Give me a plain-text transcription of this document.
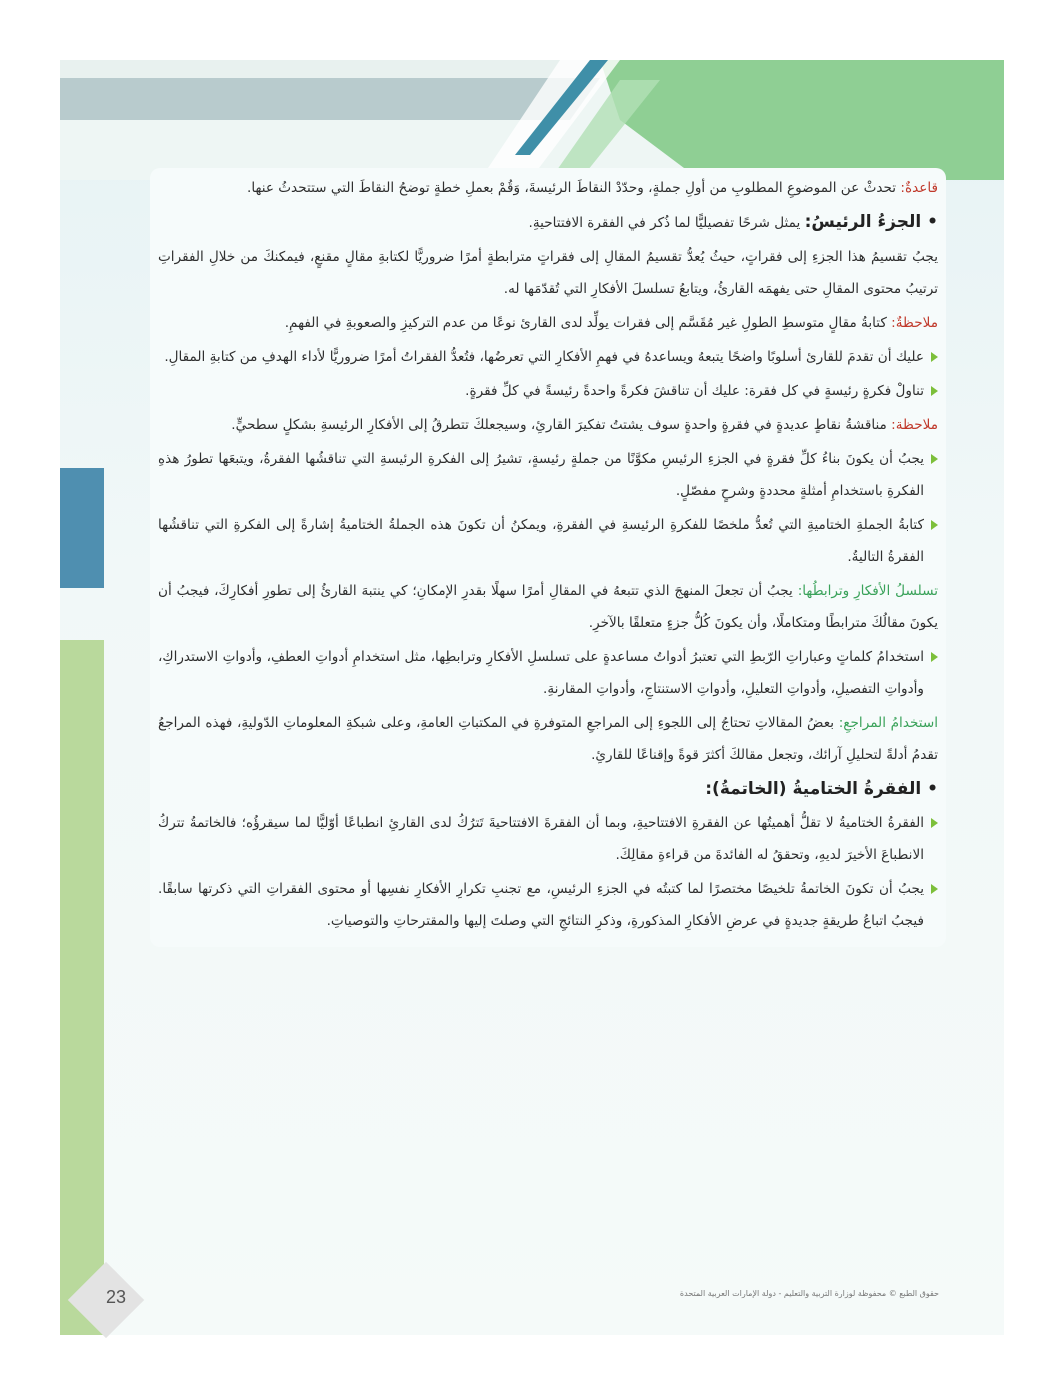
قاعدةٌ: تحدثْ عن الموضوعِ المطلوبِ من أولِ جملةٍ، وحدّدْ النقاطَ الرئيسةَ، وَقُمْ بعملِ خطةٍ توضحُ النقاطَ التي ستتحدثُ عنها.

• الجزءُ الرئيسُ: يمثل شرحًا تفصيليًّا لما ذُكر في الفقرة الافتتاحيةِ.

يجبُ تقسيمُ هذا الجزءِ إلى فقراتٍ، حيثُ يُعدُّ تقسيمُ المقالِ إلى فقراتٍ مترابطةٍ أمرًا ضروريًّا لكتابةِ مقالٍ مقنعٍ، فيمكنكَ من خلالِ الفقراتِ ترتيبُ محتوى المقالِ حتى يفهمَه القارئُ، ويتابعُ تسلسلَ الأفكارِ التي تُقدّمَها له.

ملاحظةٌ: كتابةُ مقالٍ متوسطِ الطولِ غير مُقَسَّم إلى فقرات يولِّد لدى القارئ نوعًا من عدم التركيزِ والصعوبةِ في الفهمِ.

عليك أن تقدمَ للقارئ أسلوبًا واضحًا يتبعهُ ويساعدهُ في فهمِ الأفكارِ التي تعرضُها، فتُعدُّ الفقراتُ أمرًا ضروريًّا لأداء الهدفِ من كتابةِ المقالِ.

تناولْ فكرةٍ رئيسةٍ في كل فقرة: عليك أن تناقشَ فكرةً واحدةً رئيسةً في كلِّ فقرةٍ.

ملاحظة: مناقشةُ نقاطٍ عديدةٍ في فقرةٍ واحدةٍ سوف يشتتُ تفكيرَ القارئِ، وسيجعلكَ تتطرقُ إلى الأفكارِ الرئيسةِ بشكلٍ سطحيٍّ.

يجبُ أن يكونَ بناءُ كلِّ فقرةٍ في الجزءِ الرئيسِ مكوَّنًا من جملةٍ رئيسةٍ، تشيرُ إلى الفكرةِ الرئيسةِ التي تناقشُها الفقرةُ، ويتبعَها تطورُ هذهِ الفكرةِ باستخدامِ أمثلةٍ محددةٍ وشرحٍ مفصّلٍ.

كتابةُ الجملةِ الختاميةِ التي تُعدُّ ملخصًا للفكرةِ الرئيسةِ في الفقرةِ، ويمكنُ أن تكونَ هذه الجملةُ الختاميةُ إشارةً إلى الفكرةِ التي تناقشُها الفقرةُ التاليةُ.

تسلسلُ الأفكارِ وترابطُها: يجبُ أن تجعلَ المنهجَ الذي تتبعهُ في المقالِ أمرًا سهلًا بقدرِ الإمكانِ؛ كي ينتبهَ القارئُ إلى تطورِ أفكارِكَ، فيجبُ أن يكونَ مقالُكَ مترابطًا ومتكاملًا، وأن يكونَ كُلُّ جزءٍ متعلقًا بالآخرِ.

استخدامُ كلماتٍ وعباراتِ الرّبطِ التي تعتبرُ أدواتُ مساعدةٍ على تسلسلِ الأفكارِ وترابطِها، مثل استخدامِ أدواتِ العطفِ، وأدواتِ الاستدراكِ، وأدواتِ التفصيلِ، وأدواتِ التعليلِ، وأدواتِ الاستنتاجِ، وأدواتِ المقارنةِ.

استخدامُ المراجعِ: بعضُ المقالاتِ تحتاجُ إلى اللجوءِ إلى المراجعِ المتوفرةِ في المكتباتِ العامةِ، وعلى شبكةِ المعلوماتِ الدّوليةِ، فهذه المراجعُ تقدمُ أدلةً لتحليلِ آرائك، وتجعل مقالكَ أكثرَ قوةً وإقناعًا للقارئِ.

• الفقرةُ الختاميةُ (الخاتمةُ):

الفقرةُ الختاميةُ لا تقلُّ أهميتُها عن الفقرةِ الافتتاحيةِ، وبما أن الفقرةَ الافتتاحيةَ تَترُكُ لدى القارئِ انطباعًا أوّليًّا لما سيقرؤُه؛ فالخاتمةُ تتركُ الانطباعَ الأخيرَ لديهِ، وتحققُ له الفائدةَ من قراءةِ مقالِكَ.

يجبُ أن تكونَ الخاتمةُ تلخيصًا مختصرًا لما كتبتُه في الجزءِ الرئيسِ، مع تجنبِ تكرارِ الأفكارِ نفسِها أو محتوى الفقراتِ التي ذكرتها سابقًا. فيجبُ اتباعُ طريقةٍ جديدةٍ في عرضِ الأفكارِ المذكورةِ، وذكرِ النتائجِ التي وصلتَ إليها والمقترحاتِ والتوصياتِ.

23	حقوق الطبع © محفوظة لوزارة التربية والتعليم - دولة الإمارات العربية المتحدة
